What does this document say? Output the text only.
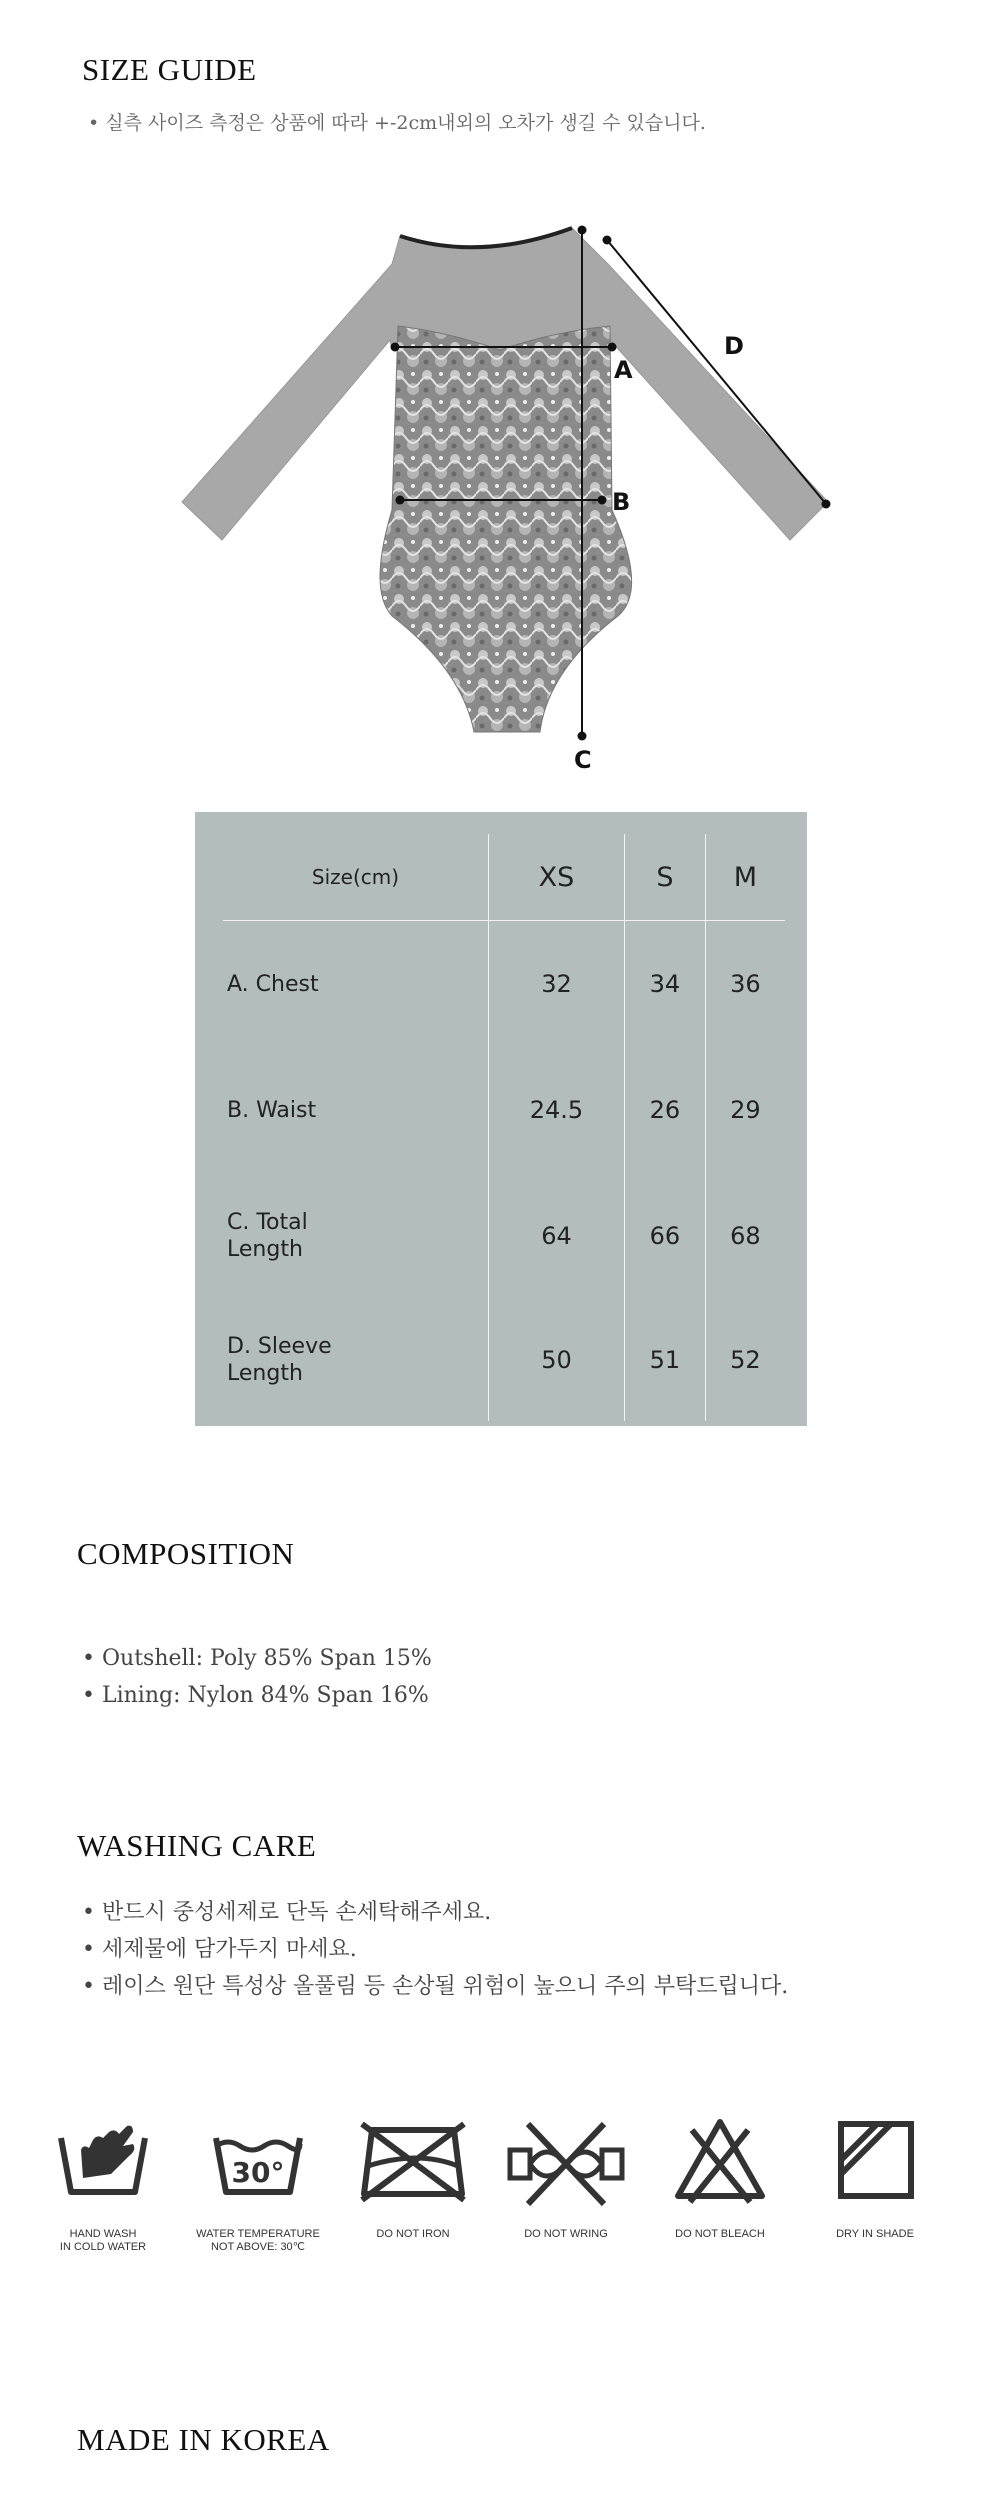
SIZE GUIDE
• 실측 사이즈 측정은 상품에 따라 +-2cm내외의 오차가 생길 수 있습니다.
A
B
C
D
Size(cm)	XS	S	M
A. Chest	32	34	36
B. Waist	24.5	26	29
C. Total
Length	64	66	68
D. Sleeve
Length	50	51	52
COMPOSITION
• Outshell: Poly 85% Span 15%
• Lining: Nylon 84% Span 16%
WASHING CARE
• 반드시 중성세제로 단독 손세탁해주세요.
• 세제물에 담가두지 마세요.
• 레이스 원단 특성상 올풀림 등 손상될 위험이 높으니 주의 부탁드립니다.
HAND WASH
IN COLD WATER
30°
WATER TEMPERATURE
NOT ABOVE: 30℃
DO NOT IRON	DO NOT WRING	DO NOT BLEACH	DRY IN SHADE
MADE IN KOREA
